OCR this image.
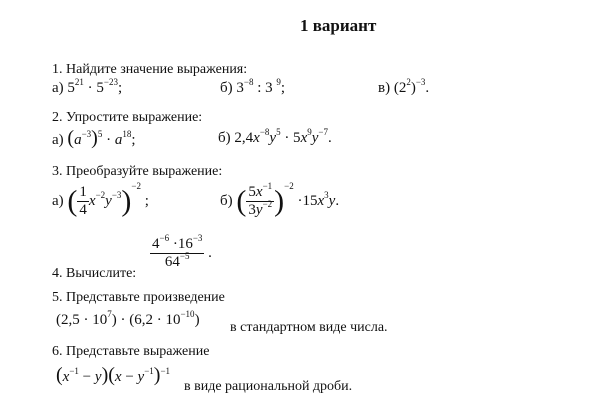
1 вариант
1. Найдите значение выражения:
а) $5^{21} \cdot 5^{-23}$;	б) $3^{-8}$ : 3 $^9$;	в) $(2^2)^{-3}$.
2. Упростите выражение:
а) $(a^{-3})^5 \cdot a^{18}$;	б) $2,4x^{-8}y^5 \cdot 5x^9y^{-7}$.
3. Преобразуйте выражение:
а) ( $\frac{1}{4} x^{-2}y^{-3})^{-2}$ ;	б) ( $\frac{5x^{-1}}{3y^{-2}} )^{-2} \cdot 15x^3y$.
$\frac{4^{-6} \cdot 16^{-3}}{64^{-5}}$ .
4. Вычислите:
5. Представьте произведение
$(2,5 \cdot 10^7) \cdot (6,2 \cdot 10^{-10})$ в стандартном виде числа.
6. Представьте выражение
$(x^{-1} - y)(x - y^{-1})^{-1}$
в виде рациональной дроби.
